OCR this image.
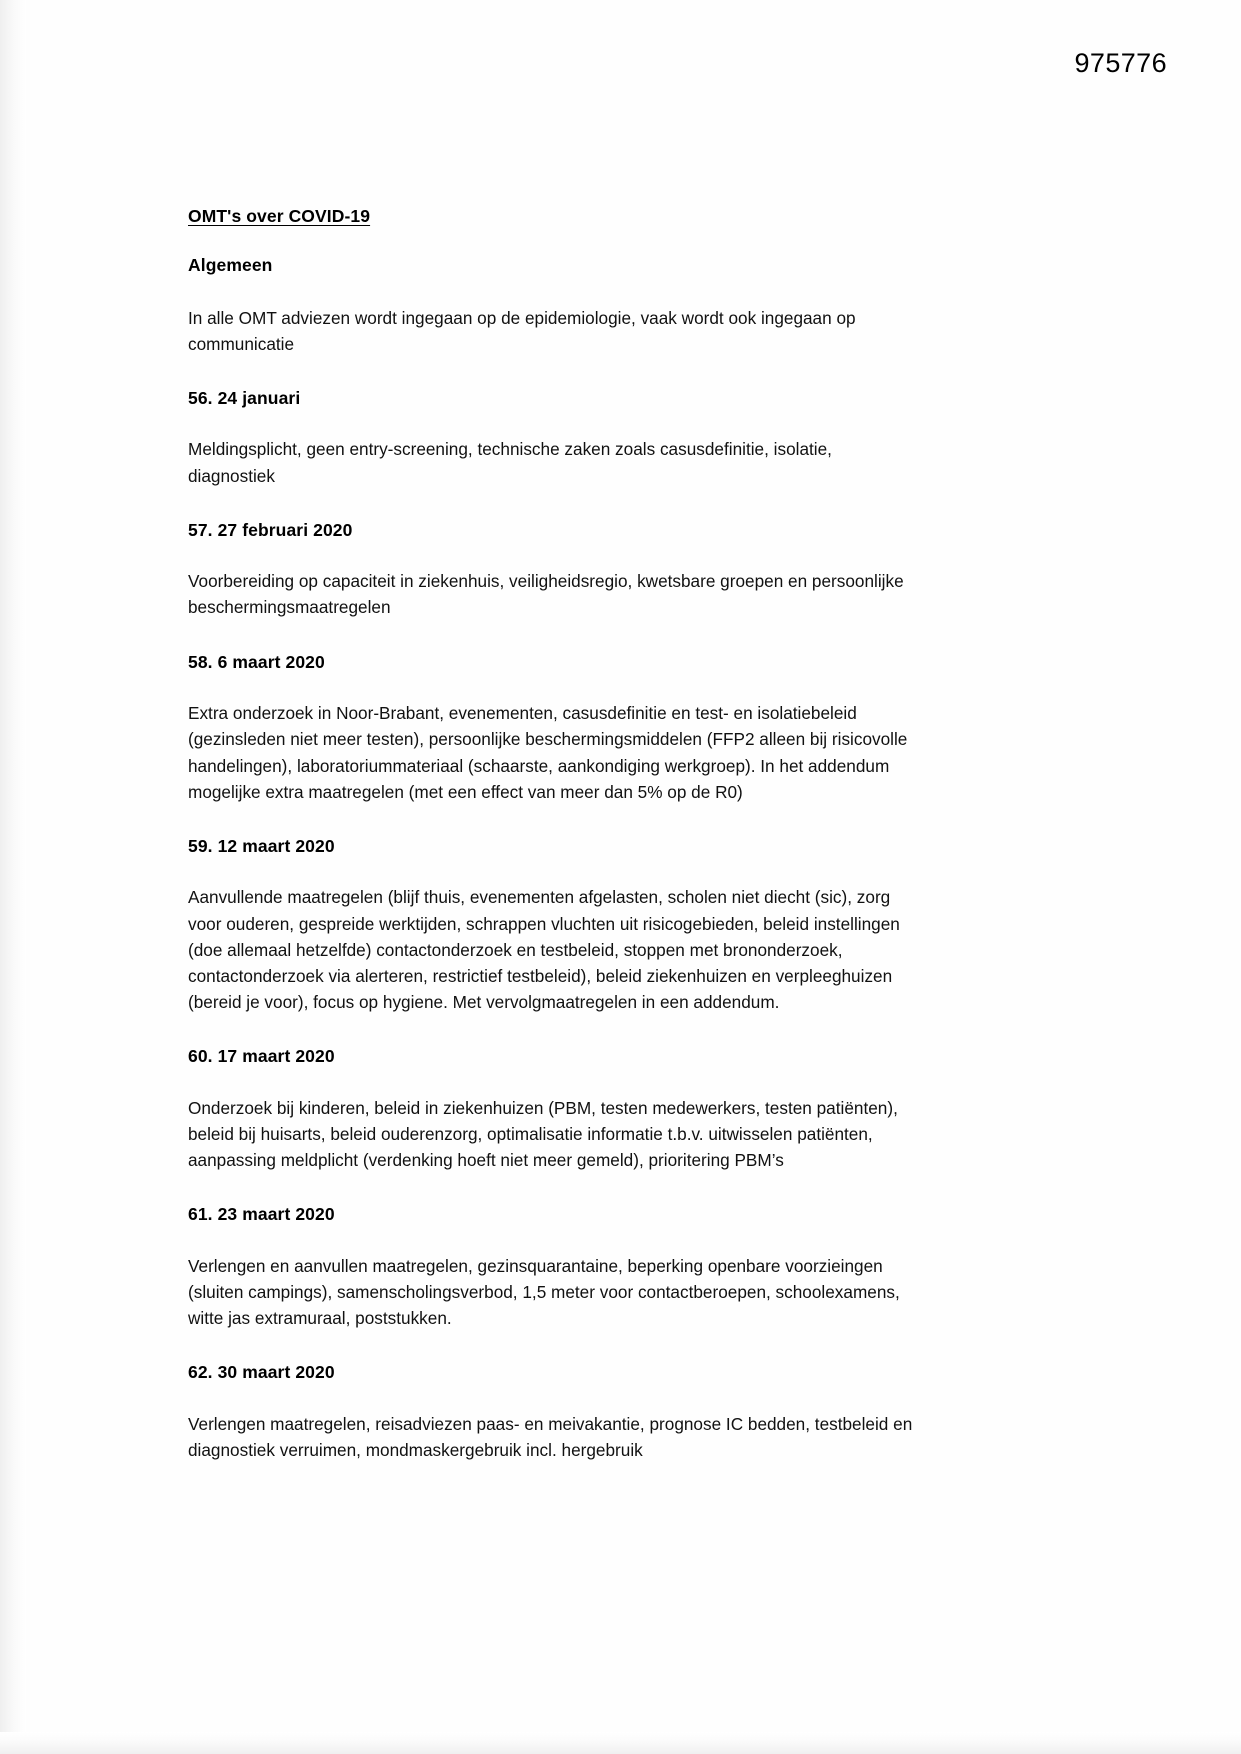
975776
OMT's over COVID-19
Algemeen

In alle OMT adviezen wordt ingegaan op de epidemiologie, vaak wordt ook ingegaan op communicatie

56. 24 januari

Meldingsplicht, geen entry-screening, technische zaken zoals casusdefinitie, isolatie, diagnostiek

57. 27 februari 2020

Voorbereiding op capaciteit in ziekenhuis, veiligheidsregio, kwetsbare groepen en persoonlijke beschermingsmaatregelen

58. 6 maart 2020

Extra onderzoek in Noor-Brabant, evenementen, casusdefinitie en test- en isolatiebeleid (gezinsleden niet meer testen), persoonlijke beschermingsmiddelen (FFP2 alleen bij risicovolle handelingen), laboratoriummateriaal (schaarste, aankondiging werkgroep). In het addendum mogelijke extra maatregelen (met een effect van meer dan 5% op de R0)

59. 12 maart 2020

Aanvullende maatregelen (blijf thuis, evenementen afgelasten, scholen niet diecht (sic), zorg voor ouderen, gespreide werktijden, schrappen vluchten uit risicogebieden, beleid instellingen (doe allemaal hetzelfde) contactonderzoek en testbeleid, stoppen met brononderzoek, contactonderzoek via alerteren, restrictief testbeleid), beleid ziekenhuizen en verpleeghuizen (bereid je voor), focus op hygiene. Met vervolgmaatregelen in een addendum.

60. 17 maart 2020

Onderzoek bij kinderen, beleid in ziekenhuizen (PBM, testen medewerkers, testen patiënten), beleid bij huisarts, beleid ouderenzorg, optimalisatie informatie t.b.v. uitwisselen patiënten, aanpassing meldplicht (verdenking hoeft niet meer gemeld), prioritering PBM’s

61. 23 maart 2020

Verlengen en aanvullen maatregelen, gezinsquarantaine, beperking openbare voorzieingen (sluiten campings), samenscholingsverbod, 1,5 meter voor contactberoepen, schoolexamens, witte jas extramuraal, poststukken.

62. 30 maart 2020

Verlengen maatregelen, reisadviezen paas- en meivakantie, prognose IC bedden, testbeleid en diagnostiek verruimen, mondmaskergebruik incl. hergebruik
